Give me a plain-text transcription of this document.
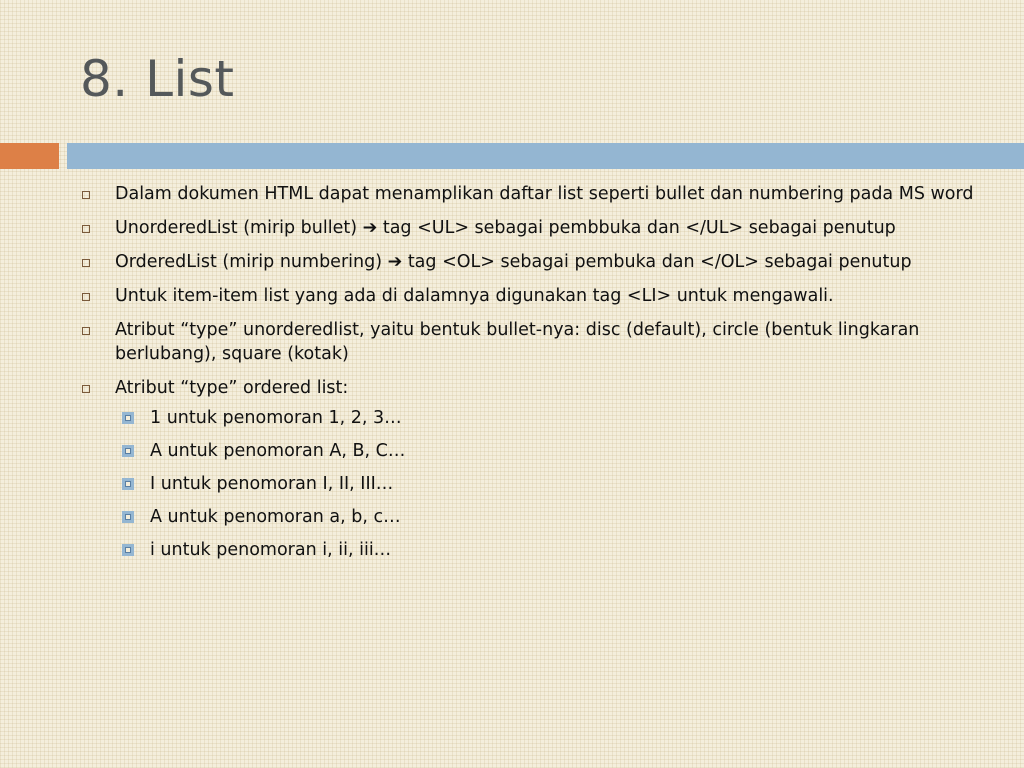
8. List
Dalam dokumen HTML dapat menamplikan daftar list seperti bullet dan numbering pada MS word
UnorderedList (mirip bullet) ➔ tag <UL> sebagai pembbuka dan </UL> sebagai penutup
OrderedList (mirip numbering) ➔ tag <OL> sebagai pembuka dan </OL> sebagai penutup
Untuk item-item list yang ada di dalamnya digunakan tag <LI> untuk mengawali.
Atribut “type” unorderedlist, yaitu bentuk bullet-nya: disc (default), circle (bentuk lingkaran berlubang), square (kotak)
Atribut “type” ordered list:
1 untuk penomoran 1, 2, 3…
A untuk penomoran A, B, C…
I untuk penomoran I, II, III…
A untuk penomoran a, b, c…
i untuk penomoran i, ii, iii…
